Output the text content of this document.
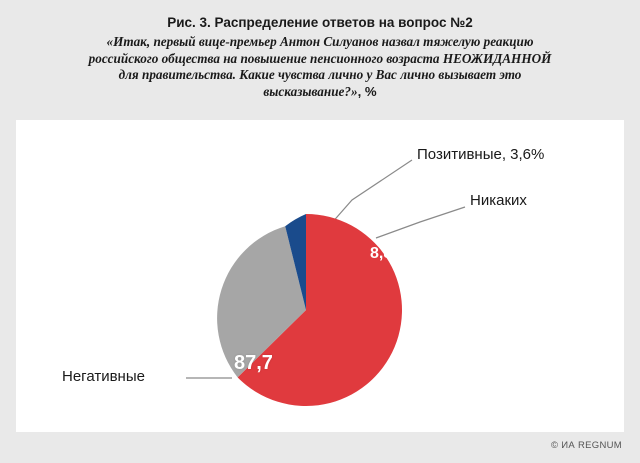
Рис. 3. Распределение ответов на вопрос №2
«Итак, первый вице-премьер Антон Силуанов назвал тяжелую реакцию
российского общества на повышение пенсионного возраста НЕОЖИДАННОЙ
для правительства. Какие чувства лично у Вас лично вызывает это
высказывание?», %
87,7
8,8
Позитивные, 3,6%
Никаких
Негативные
© ИА REGNUM
